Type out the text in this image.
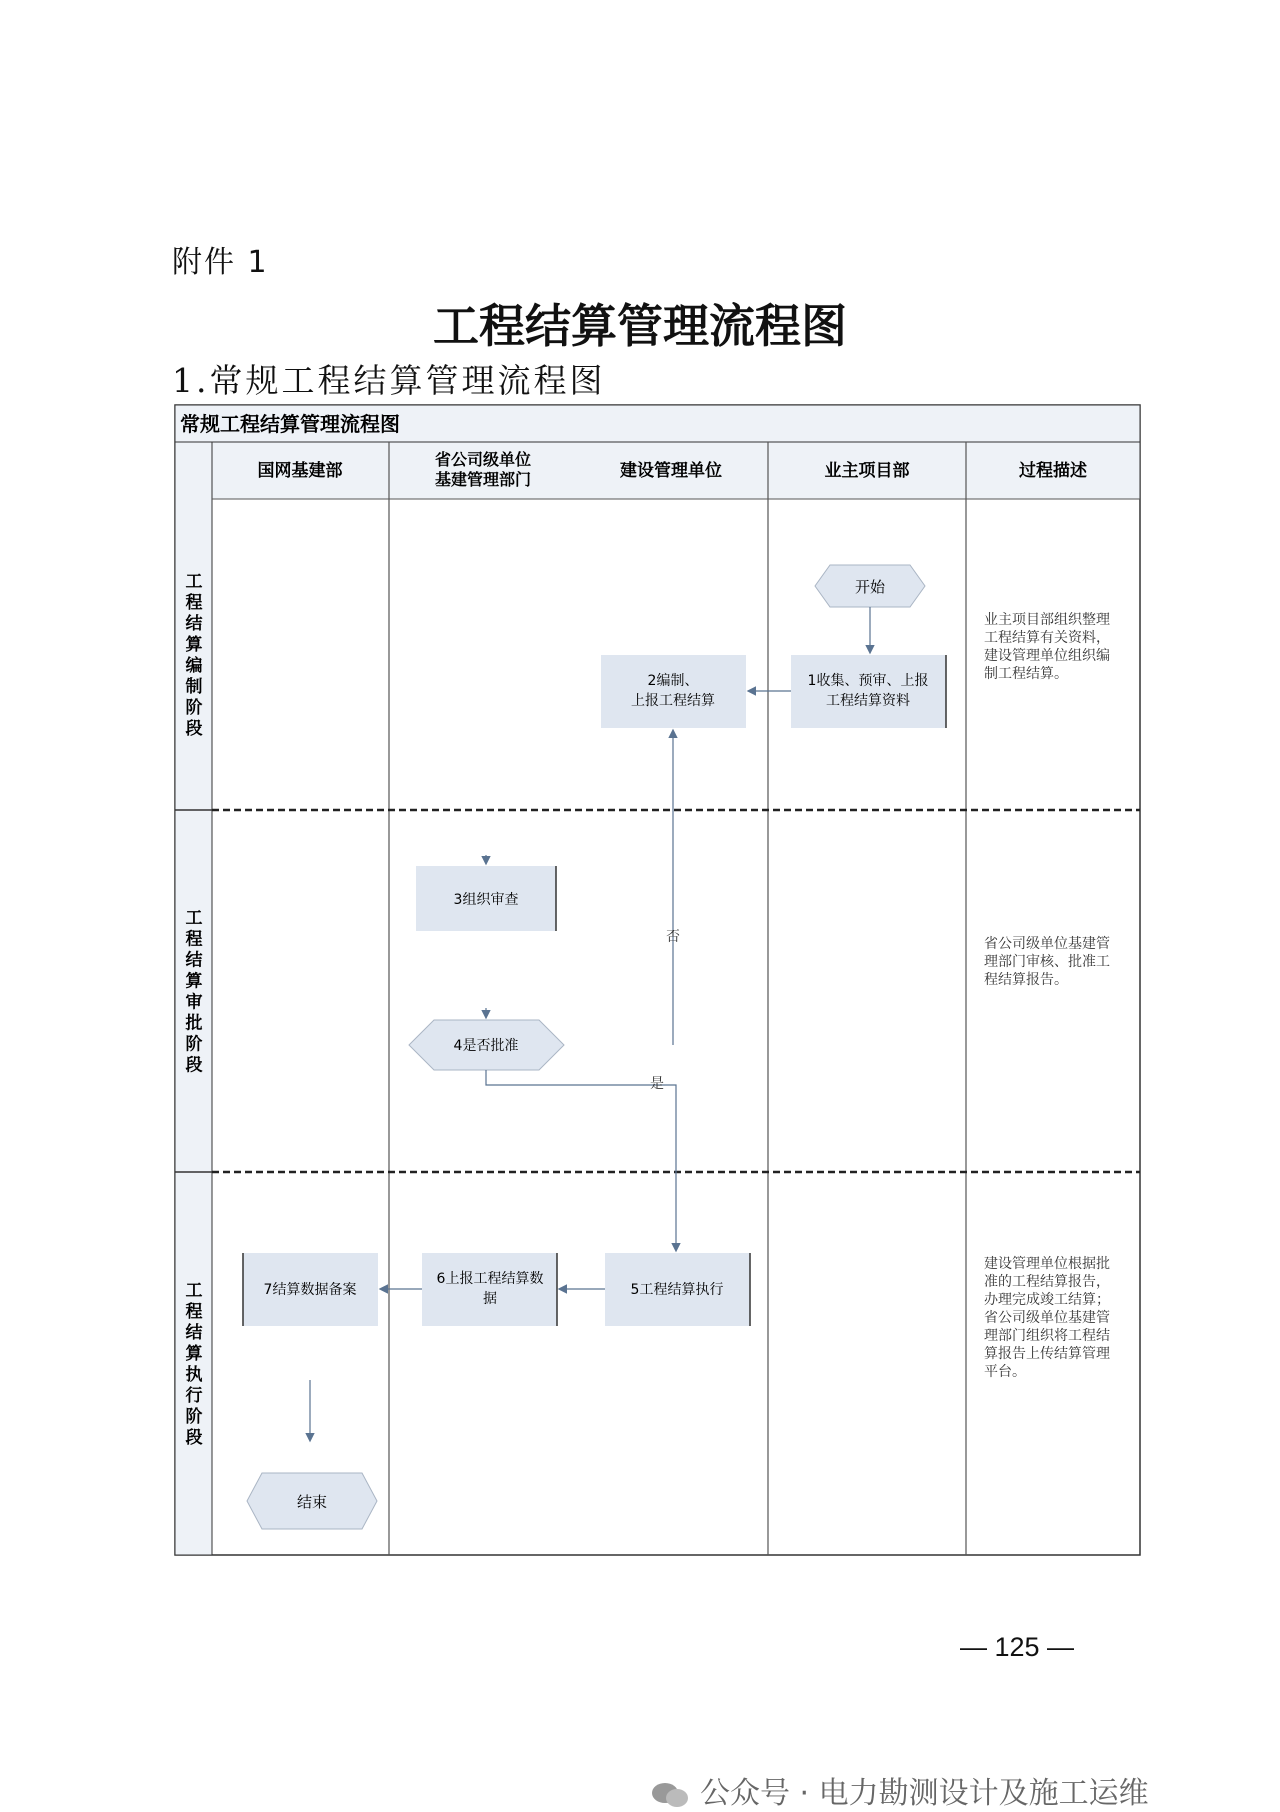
附件 1
工程结算管理流程图
1.常规工程结算管理流程图
常规工程结算管理流程图
国网基建部
省公司级单位基建管理部门	建设管理单位	业主项目部	过程描述
工程结算编制阶段
工程结算审批阶段
工程结算执行阶段
开始
1收集、预审、上报工程结算资料
2编制、上报工程结算
3组织审查
4是否批准
5工程结算执行
6上报工程结算数据
7结算数据备案
结束
否
是
业主项目部组织整理工程结算有关资料，建设管理单位组织编制工程结算。
省公司级单位基建管理部门审核、批准工程结算报告。
建设管理单位根据批准的工程结算报告，办理完成竣工结算；省公司级单位基建管理部门组织将工程结算报告上传结算管理平台。
— 125 —
公众号 · 电力勘测设计及施工运维
